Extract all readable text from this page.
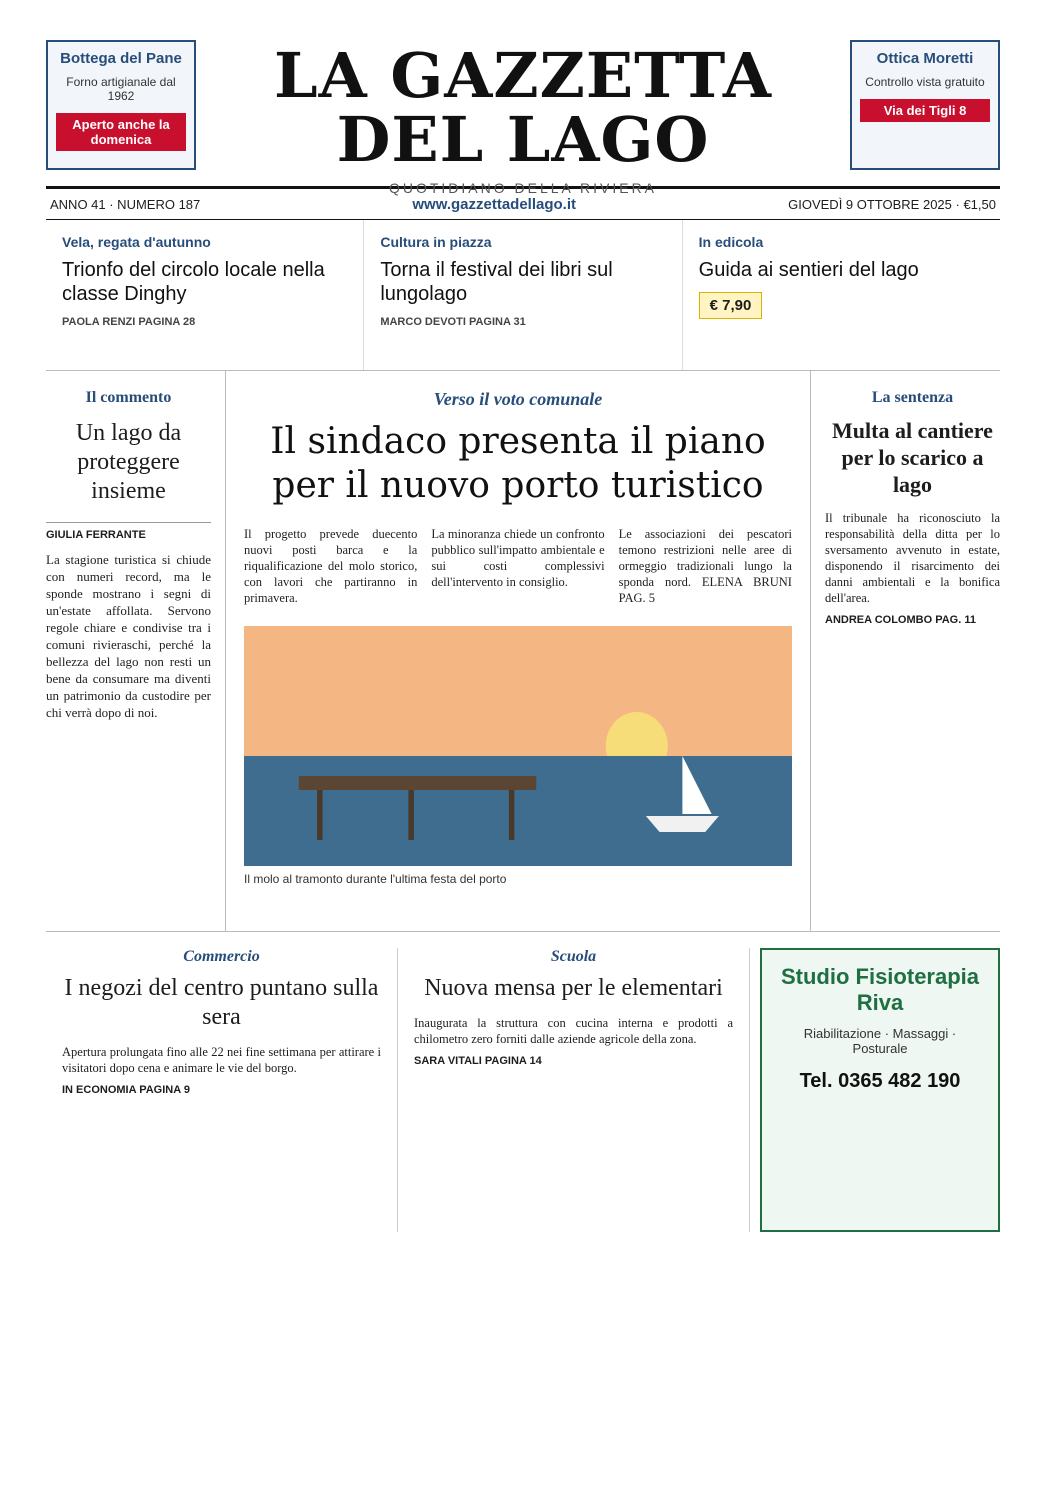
Bottega del Pane
Forno artigianale dal 1962
Aperto anche la domenica
LA GAZZETTA DEL LAGO
QUOTIDIANO DELLA RIVIERA
Ottica Moretti
Controllo vista gratuito
Via dei Tigli 8
ANNO 41 · NUMERO 187	www.gazzettadellago.it	GIOVEDÌ 9 OTTOBRE 2025 · €1,50
Vela, regata d'autunno
Trionfo del circolo locale nella classe Dinghy
PAOLA RENZI PAGINA 28
Cultura in piazza
Torna il festival dei libri sul lungolago
MARCO DEVOTI PAGINA 31
In edicola
Guida ai sentieri del lago
€ 7,90
Il commento
Un lago da proteggere insieme
GIULIA FERRANTE
La stagione turistica si chiude con numeri record, ma le sponde mostrano i segni di un'estate affollata. Servono regole chiare e condivise tra i comuni rivieraschi, perché la bellezza del lago non resti un bene da consumare ma diventi un patrimonio da custodire per chi verrà dopo di noi.
Verso il voto comunale
Il sindaco presenta il piano per il nuovo porto turistico

Il progetto prevede duecento nuovi posti barca e la riqualificazione del molo storico, con lavori che partiranno in primavera.

La minoranza chiede un confronto pubblico sull'impatto ambientale e sui costi complessivi dell'intervento in consiglio.

Le associazioni dei pescatori temono restrizioni nelle aree di ormeggio tradizionali lungo la sponda nord. ELENA BRUNI PAG. 5

Il molo al tramonto durante l'ultima festa del porto
La sentenza
Multa al cantiere per lo scarico a lago
Il tribunale ha riconosciuto la responsabilità della ditta per lo sversamento avvenuto in estate, disponendo il risarcimento dei danni ambientali e la bonifica dell'area.
ANDREA COLOMBO PAG. 11
Commercio
I negozi del centro puntano sulla sera
Apertura prolungata fino alle 22 nei fine settimana per attirare i visitatori dopo cena e animare le vie del borgo.
IN ECONOMIA PAGINA 9
Scuola
Nuova mensa per le elementari
Inaugurata la struttura con cucina interna e prodotti a chilometro zero forniti dalle aziende agricole della zona.
SARA VITALI PAGINA 14
Studio Fisioterapia Riva
Riabilitazione · Massaggi · Posturale
Tel. 0365 482 190
